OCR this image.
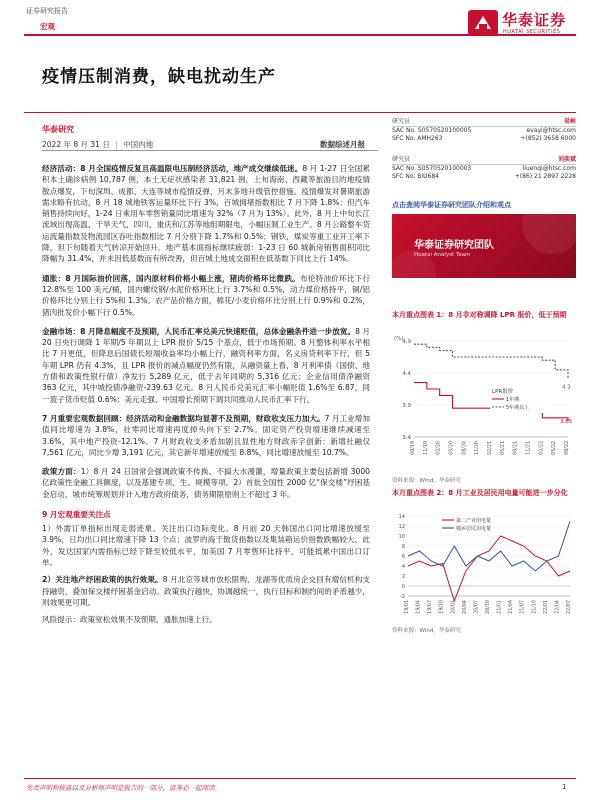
证券研究报告
宏观	华泰证券
HUATAI SECURITIES
疫情压制消费，缺电扰动生产
华泰研究
2022 年 8 月 31 日 | 中国内地	数据综述月报
研究员	易峘
SAC No. S0570520100005	evayi@htsc.com
SFC No. AMH263	+(852) 3658 6000
研究员	刘奕斌
SAC No. S0570520100003	liuenqi@htsc.com
SFC No. BIU684	+(86) 21 2897 2228
点击查阅华泰证券研究团队介绍和观点
华泰证券研究团队
Huatai Analyst Team
经济活动：8 月全国疫情反复且高温限电压制经济活动，地产成交继续低迷。8 月 1-27 日全国累积本土确诊病例 10,787 例，本土无症状感染者 31,821 例，上旬海南、西藏等旅游目的地疫情散点爆发，下旬深圳、成都、大连等城市疫情反弹，月末多地升级管控措施。疫情爆发对暑期旅游需求略有抗动，8 月 18 城地铁客运量环比下行 3%，百城拥堵指数相比 7 月下降 1.8%；但汽车销售持续向好，1-24 日乘用车零售销量同比增速为 32%（7 月为 13%）。此外，8 月上中旬长江流域出现高温、干旱天气，四川、重庆和江苏等地组期限电，小幅压制工业生产。8 月公路整车货运流量指数及物流园区吞吐指数相比 7 月分别下降 1.7%和 0.5%；钢铁，煤炭等重工业开工率下降，但下旬随着天气转凉开始回升。地产基本面指标继续疲弱：1-23 日 60 城新房销售面积同比降幅为 31.4%，并未因低基数而有所改善，但百城土地成交面积在低基数下同比上行 14%。
通胀：8 月国际油价回落，国内原材料价格小幅上涨，猪肉价格环比微跌。布伦特油价环比下行 12.8%至 100 美元/桶，国内螺纹钢/水泥价格环比上行 3.7%和 0.5%，动力煤价格持平，铜/铝价格环比分别上行 5%和 1.3%。农产品价格方面，棉花/小麦价格环比分别上行 0.9%和 0.2%，猪肉批发价小幅下行 0.5%。
金融市场：8 月降息幅度不及预期，人民币汇率兑美元快速贬值，总体金融条件进一步放宽。8 月 20 日央行调降 1 年期/5 年期以上 LPR 报价 5/15 个基点，低于市场预期。8 月整体利率水平相比 7 月更低，但降息后国债长短端收益率均小幅上行，融资利率方面，名义房贷利率下行，但 5 年期 LPR 仍有 4.3%，且 LPR 报价的减点幅度仍然有限，从融资量上看，8 月利率债（国债、地方债和政策性银行债）净发行 5,289 亿元，低于去年同期的 5,316 亿元；企业信用债净融资 363 亿元，其中城投债净融资-239.63 亿元。8 月人民币兑美元汇率小幅贬值 1.6%至 6.87，同一篮子货币贬值 0.6%；美元走强、中国增长预期下调共同推动人民币汇率下行。
7 月重要宏观数据回顾：经济活动和金融数据均显著不及预期，财政收支压力加大。7 月工业增加值同比增速为 3.8%，社零同比增速再度掉头向下至 2.7%。固定资产投资增速继续减速至 3.6%，其中地产投资-12.1%。7 月财政收支矛盾加剧且显性地方财政赤字创新：新增社融仅 7,561 亿元，同比少增 3,191 亿元，其它新年增速放缓至 8.8%，同比增速放缓至 10.7%。
政策方面：1）8 月 24 日国常会强调政策不传换、不搞大水漫灌，增量政策主要包括新增 3000 亿政策性金融工具额度，以及基建专项、生、规模等项。2）首批全国性 2000 亿“保交楼”纾困基金启动，城市统筹规划并计入地方政府债务，债务期限原则上不超过 3 年。
9 月宏观重要关注点
1）外需订单指标出现走弱迹象。关注出口边际变化。8 月前 20 天韩国出口同比增速放缓至 3.9%，日均出口同比增速下降 13 个点；波罗的海干散货指数以及集装箱运价指数跌幅较大。此外，发达国家内需指标已经下降至较低水平，加美国 7 月零售环比持平，可能抵累中国出口订单。
2）关注地产纾困政策的执行效果。8 月北京等城市放松限购，龙湖等优质房企交回有增信机构支持融资，叠加保交楼纾困基金启动。政策执行越快，协调越统一，执行目标和制约间的矛盾越少，则效果更可期。
风险提示：政策宽松效果不及预期，通胀加速上行。
本月重点图表 1：8 月非对称调降 LPR 报价，低于预期
(%)
4.9
4.4
3.9
3.4
08/19 11/19 02/20 05/20 08/20 11/20 02/21 05/21 08/21 11/21 02/22 05/22 08/22
4.3
3.65
LPR报价
1年期
5年期以上
资料来源：Wind，华泰研究
本月重点图表 2：8 月工业及居民用电量可能进一步分化
14
12
10
8
6
4
2
0
-2
19/01 19/04 19/07 19/10 20/01 20/04 20/07 20/10 21/01 21/04 21/07 21/10 22/01 22/04 22/07
第二产业用电量
城乡居民用电量
资料来源：Wind，华泰研究
免责声明和披露以及分析师声明是报告的一部分，请务必一起阅读。	1
